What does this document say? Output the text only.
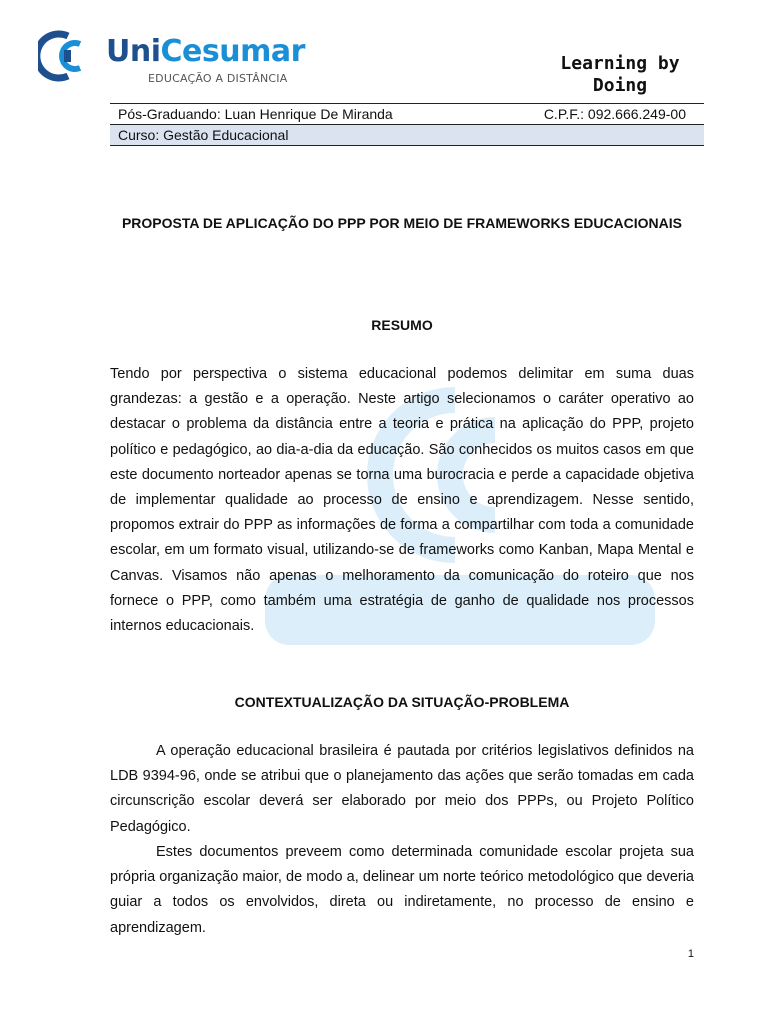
UniCesumar
EDUCAÇÃO A DISTÂNCIA
Learning by Doing
Pós-Graduando: Luan Henrique De Miranda	C.P.F.: 092.666.249-00
Curso: Gestão Educacional
PROPOSTA DE APLICAÇÃO DO PPP POR MEIO DE FRAMEWORKS EDUCACIONAIS
RESUMO
Tendo por perspectiva o sistema educacional podemos delimitar em suma duas grandezas: a gestão e a operação. Neste artigo selecionamos o caráter operativo ao destacar o problema da distância entre a teoria e prática na aplicação do PPP, projeto político e pedagógico, ao dia-a-dia da educação. São conhecidos os muitos casos em que este documento norteador apenas se torna uma burocracia e perde a capacidade objetiva de implementar qualidade ao processo de ensino e aprendizagem. Nesse sentido, propomos extrair do PPP as informações de forma a compartilhar com toda a comunidade escolar, em um formato visual, utilizando-se de frameworks como Kanban, Mapa Mental e Canvas. Visamos não apenas o melhoramento da comunicação do roteiro que nos fornece o PPP, como também uma estratégia de ganho de qualidade nos processos internos educacionais.
CONTEXTUALIZAÇÃO DA SITUAÇÃO-PROBLEMA
A operação educacional brasileira é pautada por critérios legislativos definidos na LDB 9394-96, onde se atribui que o planejamento das ações que serão tomadas em cada circunscrição escolar deverá ser elaborado por meio dos PPPs, ou Projeto Político Pedagógico.
Estes documentos preveem como determinada comunidade escolar projeta sua própria organização maior, de modo a, delinear um norte teórico metodológico que deveria guiar a todos os envolvidos, direta ou indiretamente, no processo de ensino e aprendizagem.
1
